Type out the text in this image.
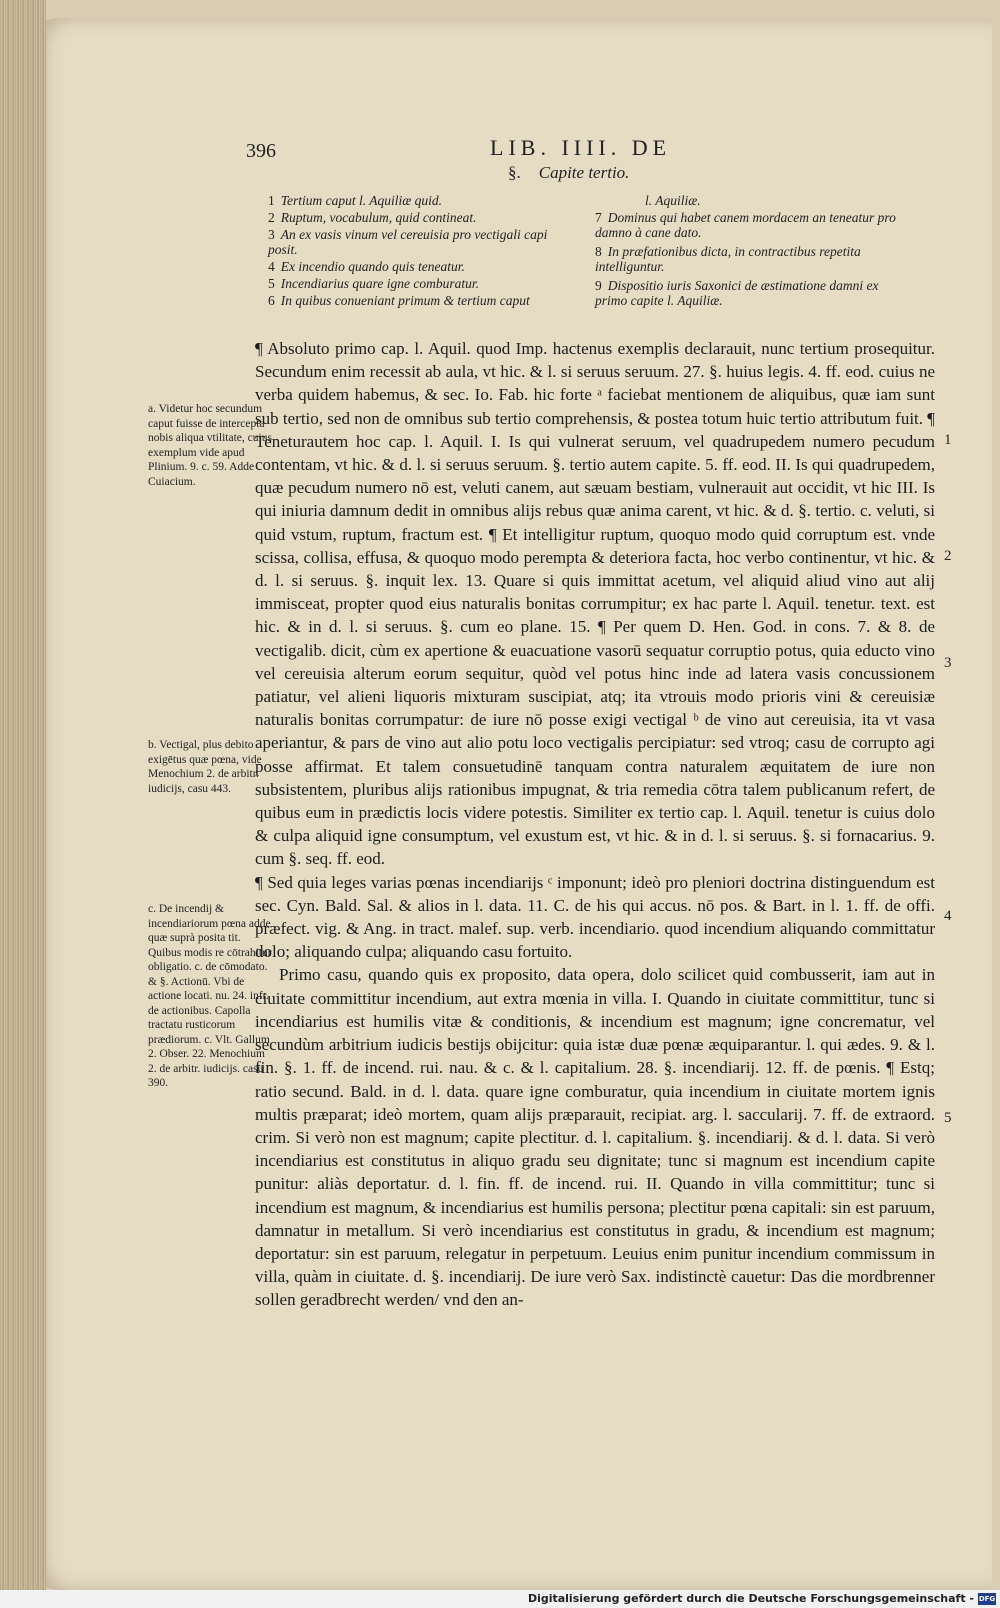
396	LIB. IIII. DE
§. Capite tertio.
1 Tertium caput l. Aquiliæ quid.
2 Ruptum, vocabulum, quid contineat.
3 An ex vasis vinum vel cereuisia pro vectigali capi posit.
4 Ex incendio quando quis teneatur.
5 Incendiarius quare igne comburatur.
6 In quibus conueniant primum & tertium caput
l. Aquiliæ.
7 Dominus qui habet canem mordacem an teneatur pro damno à cane dato.
8 In præfationibus dicta, in contractibus repetita intelliguntur.
9 Dispositio iuris Saxonici de æstimatione damni ex primo capite l. Aquiliæ.

¶ Absoluto primo cap. l. Aquil. quod Imp. hactenus exemplis declarauit, nunc tertium prosequitur. Secundum enim recessit ab aula, vt hic. & l. si seruus seruum. 27. §. huius legis. 4. ff. eod. cuius ne verba quidem habemus, & sec. Io. Fab. hic forte ᵃ faciebat mentionem de aliquibus, quæ iam sunt sub tertio, sed non de omnibus sub tertio comprehensis, & postea totum huic tertio attributum fuit. ¶ Teneturautem hoc cap. l. Aquil. I. Is qui vulnerat seruum, vel quadrupedem numero pecudum contentam, vt hic. & d. l. si seruus seruum. §. tertio autem capite. 5. ff. eod. II. Is qui quadrupedem, quæ pecudum numero nō est, veluti canem, aut sæuam bestiam, vulnerauit aut occidit, vt hic III. Is qui iniuria damnum dedit in omnibus alijs rebus quæ anima carent, vt hic. & d. §. tertio. c. veluti, si quid vstum, ruptum, fractum est. ¶ Et intelligitur ruptum, quoquo modo quid corruptum est. vnde scissa, collisa, effusa, & quoquo modo perempta & deteriora facta, hoc verbo continentur, vt hic. & d. l. si seruus. §. inquit lex. 13. Quare si quis immittat acetum, vel aliquid aliud vino aut alij immisceat, propter quod eius naturalis bonitas corrumpitur; ex hac parte l. Aquil. tenetur. text. est hic. & in d. l. si seruus. §. cum eo plane. 15. ¶ Per quem D. Hen. God. in cons. 7. & 8. de vectigalib. dicit, cùm ex apertione & euacuatione vasorū sequatur corruptio potus, quia educto vino vel cereuisia alterum eorum sequitur, quòd vel potus hinc inde ad latera vasis concussionem patiatur, vel alieni liquoris mixturam suscipiat, atq; ita vtrouis modo prioris vini & cereuisiæ naturalis bonitas corrumpatur: de iure nō posse exigi vectigal ᵇ de vino aut cereuisia, ita vt vasa aperiantur, & pars de vino aut alio potu loco vectigalis percipiatur: sed vtroq; casu de corrupto agi posse affirmat. Et talem consuetudinē tanquam contra naturalem æquitatem de iure non subsistentem, pluribus alijs rationibus impugnat, & tria remedia cōtra talem publicanum refert, de quibus eum in prædictis locis videre potestis. Similiter ex tertio cap. l. Aquil. tenetur is cuius dolo & culpa aliquid igne consumptum, vel exustum est, vt hic. & in d. l. si seruus. §. si fornacarius. 9. cum §. seq. ff. eod.

¶ Sed quia leges varias pœnas incendiarijs ᶜ imponunt; ideò pro pleniori doctrina distinguendum est sec. Cyn. Bald. Sal. & alios in l. data. 11. C. de his qui accus. nō pos. & Bart. in l. 1. ff. de offi. præfect. vig. & Ang. in tract. malef. sup. verb. incendiario. quod incendium aliquando committatur dolo; aliquando culpa; aliquando casu fortuito.

Primo casu, quando quis ex proposito, data opera, dolo scilicet quid combusserit, iam aut in ciuitate committitur incendium, aut extra mœnia in villa. I. Quando in ciuitate committitur, tunc si incendiarius est humilis vitæ & conditionis, & incendium est magnum; igne concrematur, vel secundùm arbitrium iudicis bestijs obijcitur: quia istæ duæ pœnæ æquiparantur. l. qui ædes. 9. & l. fin. §. 1. ff. de incend. rui. nau. & c. & l. capitalium. 28. §. incendiarij. 12. ff. de pœnis. ¶ Estq; ratio secund. Bald. in d. l. data. quare igne comburatur, quia incendium in ciuitate mortem ignis multis præparat; ideò mortem, quam alijs præparauit, recipiat. arg. l. saccularij. 7. ff. de extraord. crim. Si verò non est magnum; capite plectitur. d. l. capitalium. §. incendiarij. & d. l. data. Si verò incendiarius est constitutus in aliquo gradu seu dignitate; tunc si magnum est incendium capite punitur: aliàs deportatur. d. l. fin. ff. de incend. rui. II. Quando in villa committitur; tunc si incendium est magnum, & incendiarius est humilis persona; plectitur pœna capitali: sin est paruum, damnatur in metallum. Si verò incendiarius est constitutus in gradu, & incendium est magnum; deportatur: sin est paruum, relegatur in perpetuum. Leuius enim punitur incendium commissum in villa, quàm in ciuitate. d. §. incendiarij. De iure verò Sax. indistinctè cauetur: Das die mordbrenner sollen geradbrecht werden/ vnd den an-

a. Videtur hoc secundum caput fuisse de intercepta nobis aliqua vtilitate, cuius exemplum vide apud Plinium. 9. c. 59. Adde Cuiacium.
b. Vectigal, plus debito exigētus quæ pœna, vide Menochium 2. de arbitr. iudicijs, casu 443.
c. De incendij & incendiariorum pœna adde quæ suprà posita tit. Quibus modis re cōtrahitur obligatio. c. de cōmodato. & §. Actionū. Vbi de actione locati. nu. 24. infr. de actionibus. Capolla tractatu rusticorum prædiorum. c. Vlt. Gallum 2. Obser. 22. Menochium 2. de arbitr. iudicijs. casu 390.
1
2
3
4
5
Digitalisierung gefördert durch die Deutsche Forschungsgemeinschaft - DFG
